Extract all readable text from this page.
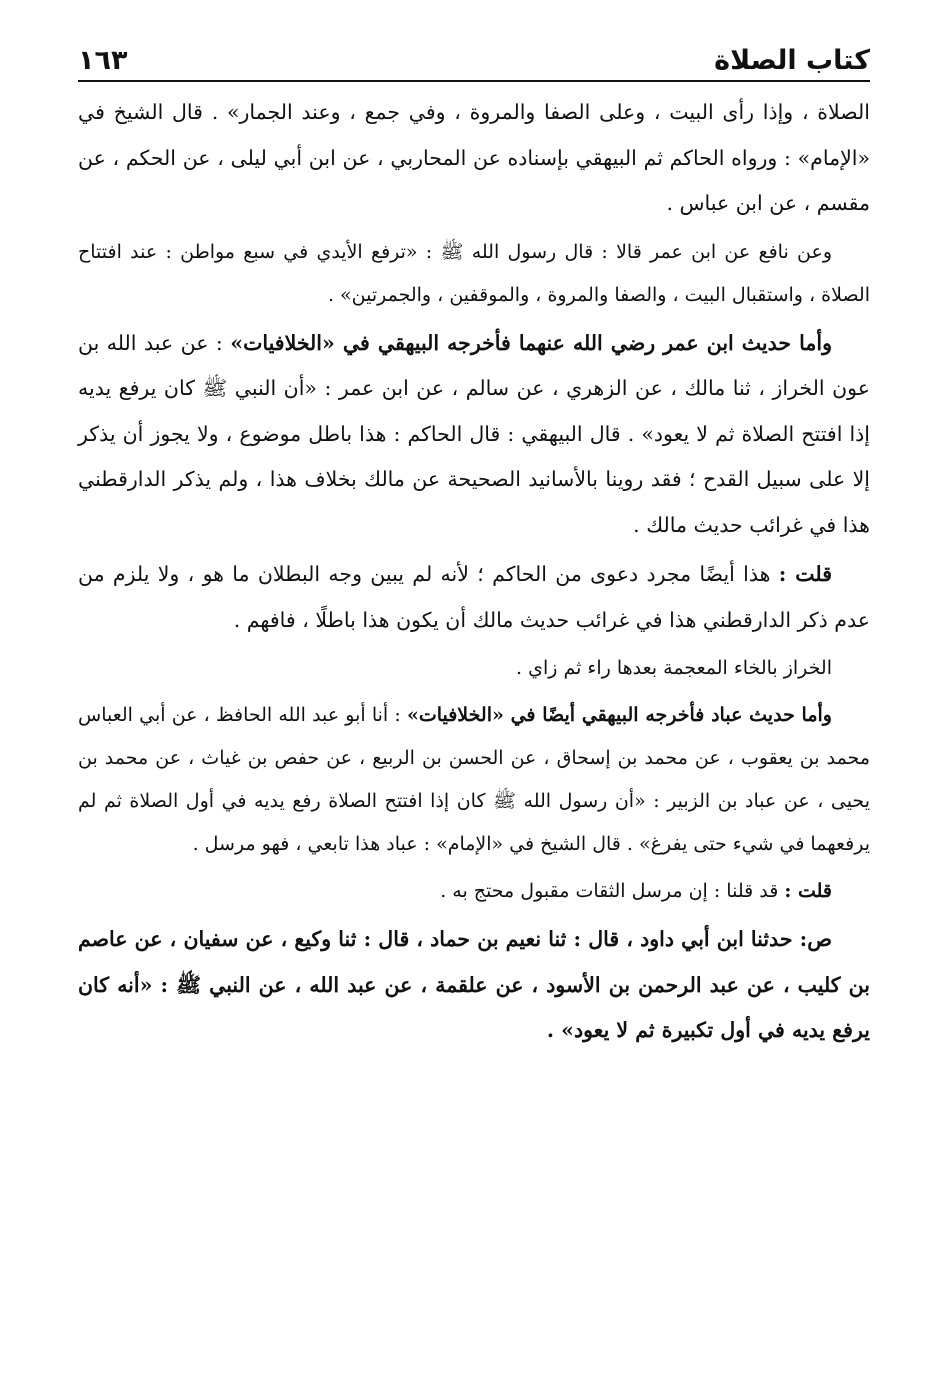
كتاب الصلاة
١٦٣

الصلاة ، وإذا رأى البيت ، وعلى الصفا والمروة ، وفي جمع ، وعند الجمار» . قال الشيخ في «الإمام» : ورواه الحاكم ثم البيهقي بإسناده عن المحاربي ، عن ابن أبي ليلى ، عن الحكم ، عن مقسم ، عن ابن عباس .

وعن نافع عن ابن عمر قالا : قال رسول الله ﷺ : «ترفع الأيدي في سبع مواطن : عند افتتاح الصلاة ، واستقبال البيت ، والصفا والمروة ، والموقفين ، والجمرتين» .

وأما حديث ابن عمر رضي الله عنهما فأخرجه البيهقي في «الخلافيات» : عن عبد الله بن عون الخراز ، ثنا مالك ، عن الزهري ، عن سالم ، عن ابن عمر : «أن النبي ﷺ كان يرفع يديه إذا افتتح الصلاة ثم لا يعود» . قال البيهقي : قال الحاكم : هذا باطل موضوع ، ولا يجوز أن يذكر إلا على سبيل القدح ؛ فقد روينا بالأسانيد الصحيحة عن مالك بخلاف هذا ، ولم يذكر الدارقطني هذا في غرائب حديث مالك .

قلت : هذا أيضًا مجرد دعوى من الحاكم ؛ لأنه لم يبين وجه البطلان ما هو ، ولا يلزم من عدم ذكر الدارقطني هذا في غرائب حديث مالك أن يكون هذا باطلًا ، فافهم .

الخراز بالخاء المعجمة بعدها راء ثم زاي .

وأما حديث عباد فأخرجه البيهقي أيضًا في «الخلافيات» : أنا أبو عبد الله الحافظ ، عن أبي العباس محمد بن يعقوب ، عن محمد بن إسحاق ، عن الحسن بن الربيع ، عن حفص بن غياث ، عن محمد بن يحيى ، عن عباد بن الزبير : «أن رسول الله ﷺ كان إذا افتتح الصلاة رفع يديه في أول الصلاة ثم لم يرفعهما في شيء حتى يفرغ» . قال الشيخ في «الإمام» : عباد هذا تابعي ، فهو مرسل .

قلت : قد قلنا : إن مرسل الثقات مقبول محتج به .

ص: حدثنا ابن أبي داود ، قال : ثنا نعيم بن حماد ، قال : ثنا وكيع ، عن سفيان ، عن عاصم بن كليب ، عن عبد الرحمن بن الأسود ، عن علقمة ، عن عبد الله ، عن النبي ﷺ : «أنه كان يرفع يديه في أول تكبيرة ثم لا يعود» .
